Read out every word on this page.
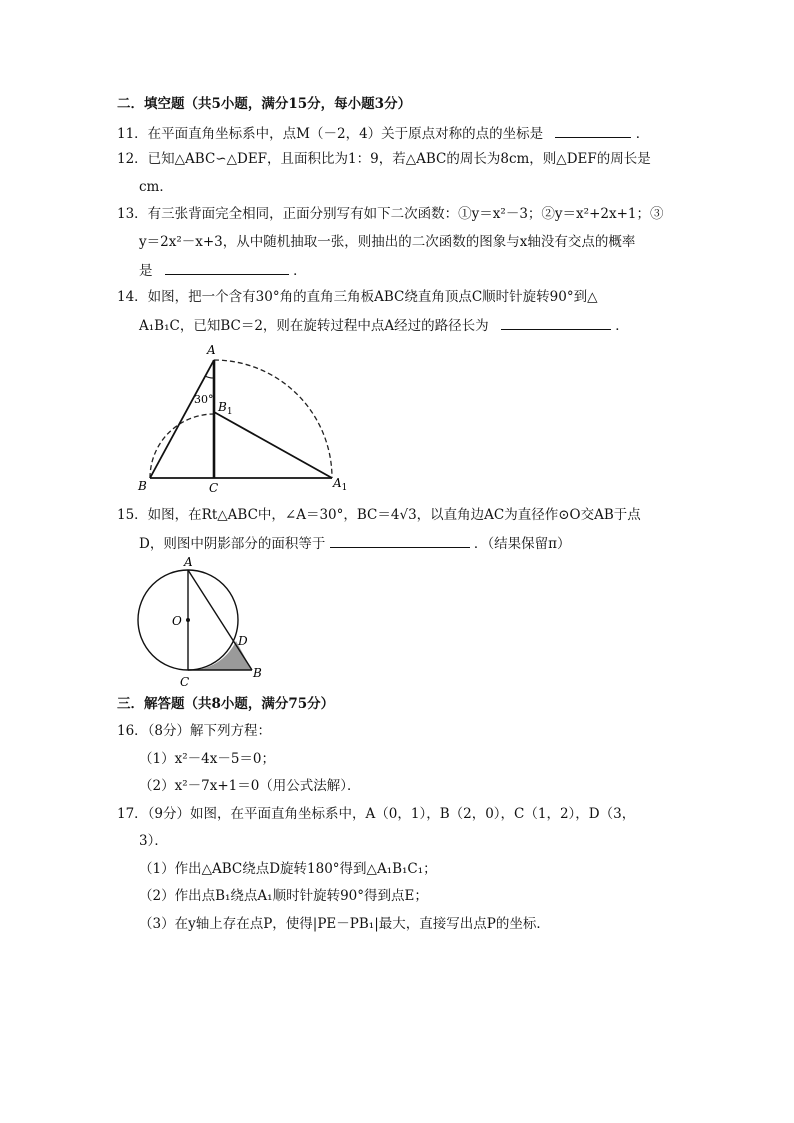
二．填空题（共5小题，满分15分，每小题3分）
11．在平面直角坐标系中，点M（－2，4）关于原点对称的点的坐标是	．
12．已知△ABC∽△DEF，且面积比为1：9，若△ABC的周长为8cm，则△DEF的周长是
cm．
13．有三张背面完全相同，正面分别写有如下二次函数：①y＝x²－3；②y＝x²+2x+1；③
y＝2x²－x+3，从中随机抽取一张，则抽出的二次函数的图象与x轴没有交点的概率
是	．
14．如图，把一个含有30°角的直角三角板ABC绕直角顶点C顺时针旋转90°到△
A₁B₁C，已知BC＝2，则在旋转过程中点A经过的路径长为	．
A
30°
$B_1$
B	C	$A_1$
15．如图，在Rt△ABC中，∠A＝30°，BC＝4√3，以直角边AC为直径作⊙O交AB于点
D，则图中阴影部分的面积等于	．（结果保留π）
A
O
D
C
B
三．解答题（共8小题，满分75分）
16．（8分）解下列方程：
（1）x²－4x－5＝0；
（2）x²－7x+1＝0（用公式法解）．
17．（9分）如图，在平面直角坐标系中，A（0，1），B（2，0），C（1，2），D（3，
3）．
（1）作出△ABC绕点D旋转180°得到△A₁B₁C₁；
（2）作出点B₁绕点A₁顺时针旋转90°得到点E；
（3）在y轴上存在点P，使得|PE－PB₁|最大，直接写出点P的坐标．
